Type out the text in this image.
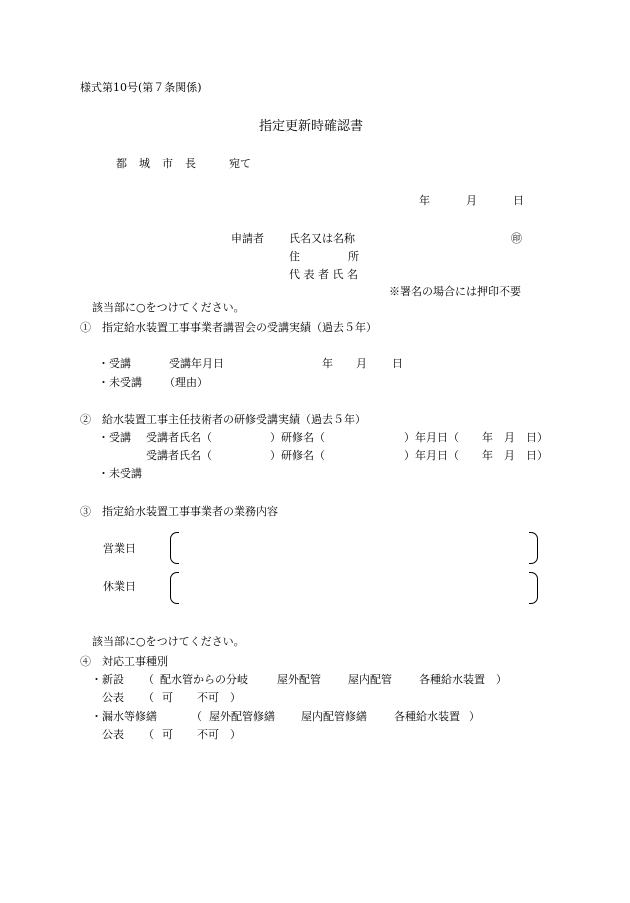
様式第10号(第７条関係)
指定更新時確認書
都 城 市 長	宛て
年	月	日
申請者 氏名又は名称	㊞
住	所
代 表 者 氏 名
※署名の場合には押印不要
該当部に○をつけてください。
①　指定給水装置工事事業者講習会の受講実績（過去５年）
・受講	受講年月日	年 月 日
・未受講 （理由）
②　給水装置工事主任技術者の研修受講実績（過去５年）
・受講 受講者氏名（	）研修名（	）年月日（ 年　月　日）
受講者氏名（	）研修名（	）年月日（ 年　月　日）
・未受講
③　指定給水装置工事事業者の業務内容
営業日
休業日
該当部に○をつけてください。
④　対応工事種別
・新設 （ 配水管からの分岐	屋外配管 屋内配管 各種給水装置 ）
公表 （ 可 不可 ）
・漏水等修繕	（ 屋外配管修繕 屋内配管修繕 各種給水装置 ）
公表 （ 可 不可 ）
